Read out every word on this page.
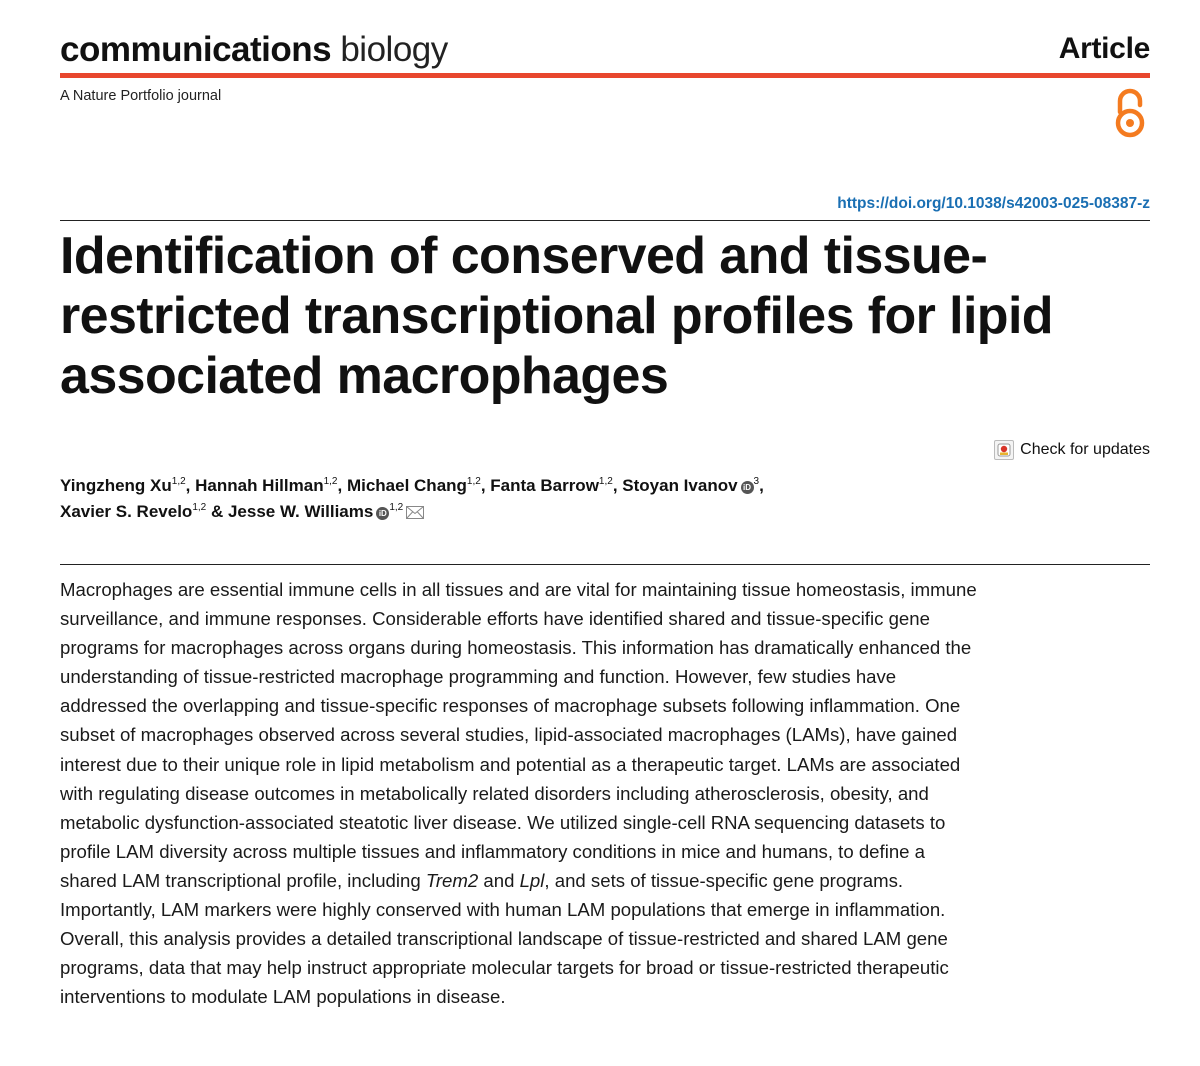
communications biology	Article
A Nature Portfolio journal
https://doi.org/10.1038/s42003-025-08387-z
Identification of conserved and tissue-restricted transcriptional profiles for lipid associated macrophages
Check for updates
Yingzheng Xu$^{1,2}$, Hannah Hillman$^{1,2}$, Michael Chang$^{1,2}$, Fanta Barrow$^{1,2}$, Stoyan Ivanov $iD^3$,
Xavier S. Revelo$^{1,2}$ & Jesse W. Williams iD$^{1,2}$

Macrophages are essential immune cells in all tissues and are vital for maintaining tissue homeostasis, immune surveillance, and immune responses. Considerable efforts have identified shared and tissue-specific gene programs for macrophages across organs during homeostasis. This information has dramatically enhanced the understanding of tissue-restricted macrophage programming and function. However, few studies have addressed the overlapping and tissue-specific responses of macrophage subsets following inflammation. One subset of macrophages observed across several studies, lipid-associated macrophages (LAMs), have gained interest due to their unique role in lipid metabolism and potential as a therapeutic target. LAMs are associated with regulating disease outcomes in metabolically related disorders including atherosclerosis, obesity, and metabolic dysfunction-associated steatotic liver disease. We utilized single-cell RNA sequencing datasets to profile LAM diversity across multiple tissues and inflammatory conditions in mice and humans, to define a shared LAM transcriptional profile, including Trem2 and Lpl, and sets of tissue-specific gene programs. Importantly, LAM markers were highly conserved with human LAM populations that emerge in inflammation. Overall, this analysis provides a detailed transcriptional landscape of tissue-restricted and shared LAM gene programs, data that may help instruct appropriate molecular targets for broad or tissue-restricted therapeutic interventions to modulate LAM populations in disease.
